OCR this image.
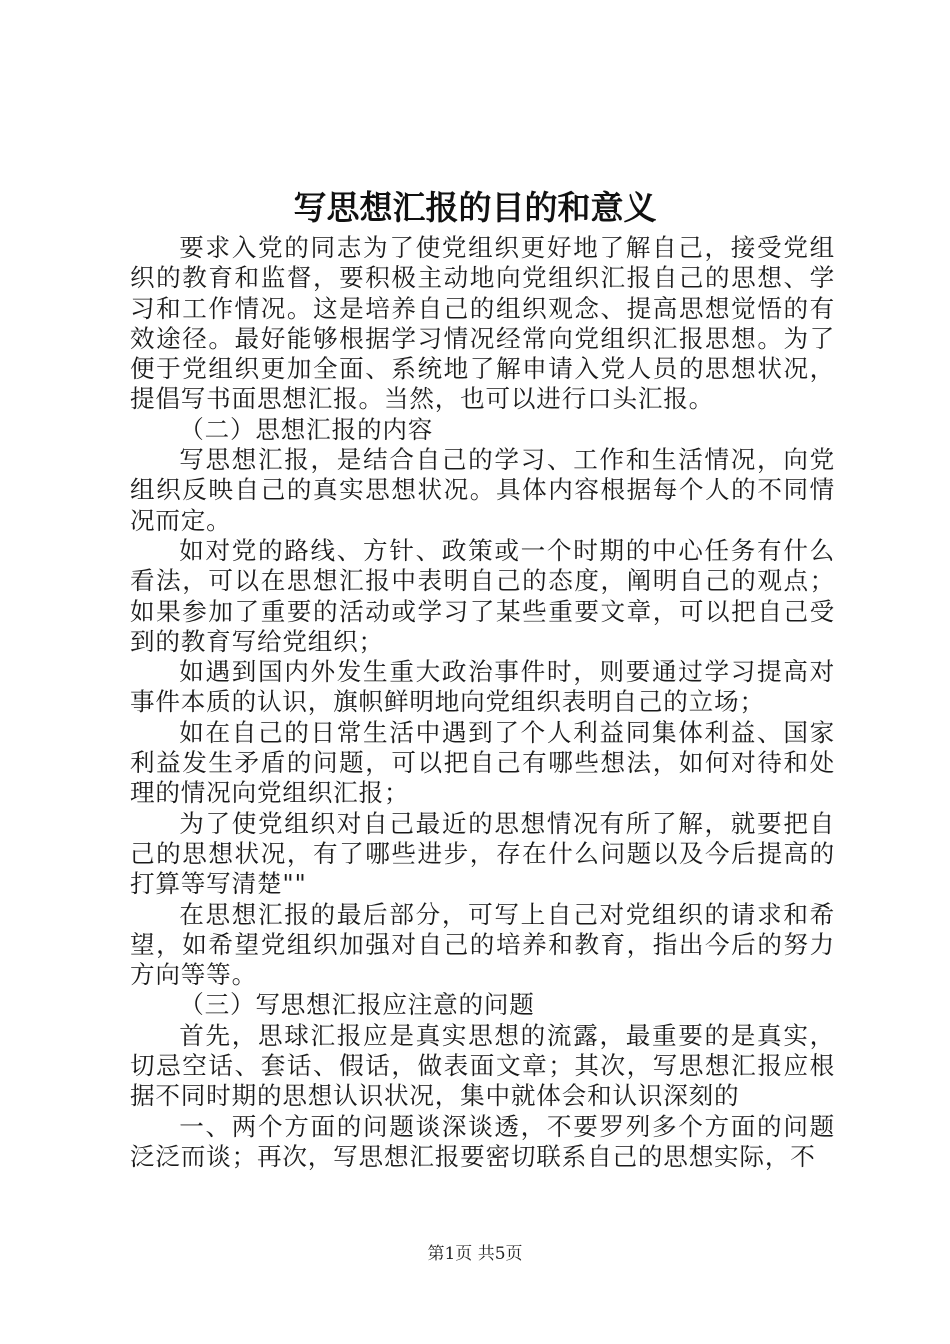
写思想汇报的目的和意义

要求入党的同志为了使党组织更好地了解自己，接受党组织的教育和监督，要积极主动地向党组织汇报自己的思想、学习和工作情况。这是培养自己的组织观念、提高思想觉悟的有效途径。最好能够根据学习情况经常向党组织汇报思想。为了便于党组织更加全面、系统地了解申请入党人员的思想状况，提倡写书面思想汇报。当然，也可以进行口头汇报。

（二）思想汇报的内容

写思想汇报，是结合自己的学习、工作和生活情况，向党组织反映自己的真实思想状况。具体内容根据每个人的不同情况而定。

如对党的路线、方针、政策或一个时期的中心任务有什么看法，可以在思想汇报中表明自己的态度，阐明自己的观点；如果参加了重要的活动或学习了某些重要文章，可以把自己受到的教育写给党组织；

如遇到国内外发生重大政治事件时，则要通过学习提高对事件本质的认识，旗帜鲜明地向党组织表明自己的立场；

如在自己的日常生活中遇到了个人利益同集体利益、国家利益发生矛盾的问题，可以把自己有哪些想法，如何对待和处理的情况向党组织汇报；

为了使党组织对自己最近的思想情况有所了解，就要把自己的思想状况，有了哪些进步，存在什么问题以及今后提高的打算等写清楚""

在思想汇报的最后部分，可写上自己对党组织的请求和希望，如希望党组织加强对自己的培养和教育，指出今后的努力方向等等。

（三）写思想汇报应注意的问题

首先，思球汇报应是真实思想的流露，最重要的是真实，切忌空话、套话、假话，做表面文章；其次，写思想汇报应根据不同时期的思想认识状况，集中就体会和认识深刻的

一、两个方面的问题谈深谈透，不要罗列多个方面的问题泛泛而谈；再次，写思想汇报要密切联系自己的思想实际，不

第1页 共5页
